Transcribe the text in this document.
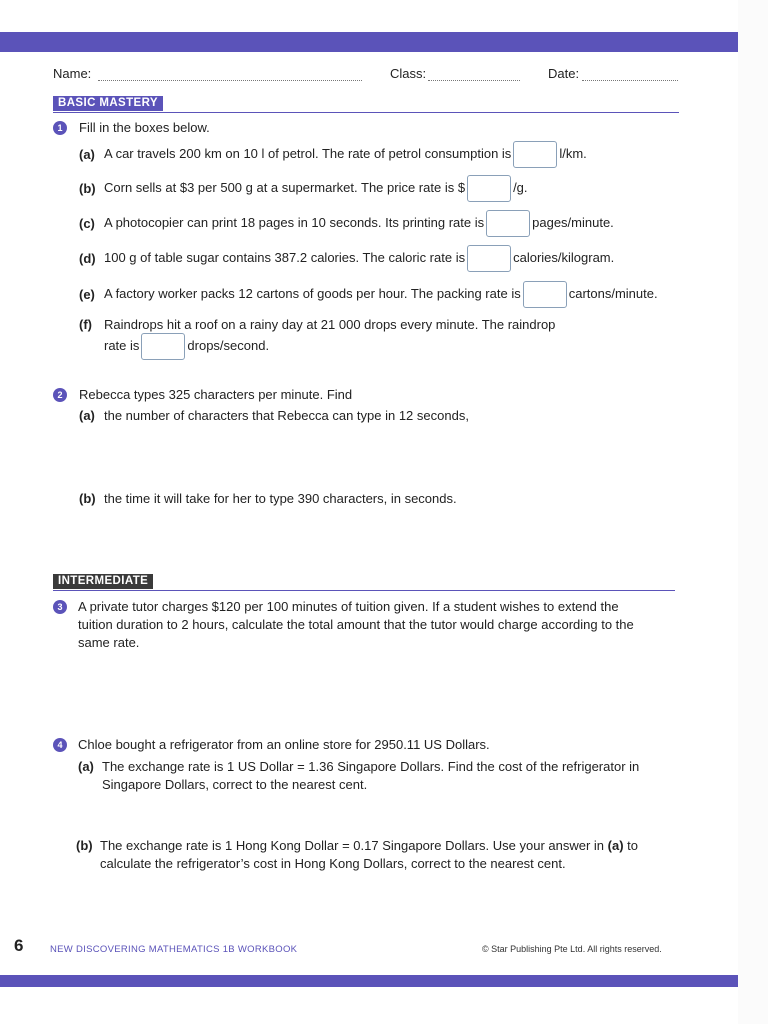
Name:	Class:	Date:
BASIC MASTERY
1	Fill in the boxes below.
(a) A car travels 200 km on 10 l of petrol. The rate of petrol consumption is	l/km.
(b) Corn sells at $3 per 500 g at a supermarket. The price rate is $	/g.
(c) A photocopier can print 18 pages in 10 seconds. Its printing rate is	pages/minute.
(d) 100 g of table sugar contains 387.2 calories. The caloric rate is	calories/kilogram.
(e) A factory worker packs 12 cartons of goods per hour. The packing rate is	cartons/minute.
(f) Raindrops hit a roof on a rainy day at 21 000 drops every minute. The raindrop
rate is	drops/second.
2	Rebecca types 325 characters per minute. Find
(a) the number of characters that Rebecca can type in 12 seconds,
(b) the time it will take for her to type 390 characters, in seconds.
INTERMEDIATE
3	A private tutor charges $120 per 100 minutes of tuition given. If a student wishes to extend the tuition duration to 2 hours, calculate the total amount that the tutor would charge according to the same rate.
4	Chloe bought a refrigerator from an online store for 2950.11 US Dollars.
(a) The exchange rate is 1 US Dollar = 1.36 Singapore Dollars. Find the cost of the refrigerator in Singapore Dollars, correct to the nearest cent.
(b) The exchange rate is 1 Hong Kong Dollar = 0.17 Singapore Dollars. Use your answer in (a) to calculate the refrigerator’s cost in Hong Kong Dollars, correct to the nearest cent.
6	NEW DISCOVERING MATHEMATICS 1B WORKBOOK	© Star Publishing Pte Ltd. All rights reserved.
